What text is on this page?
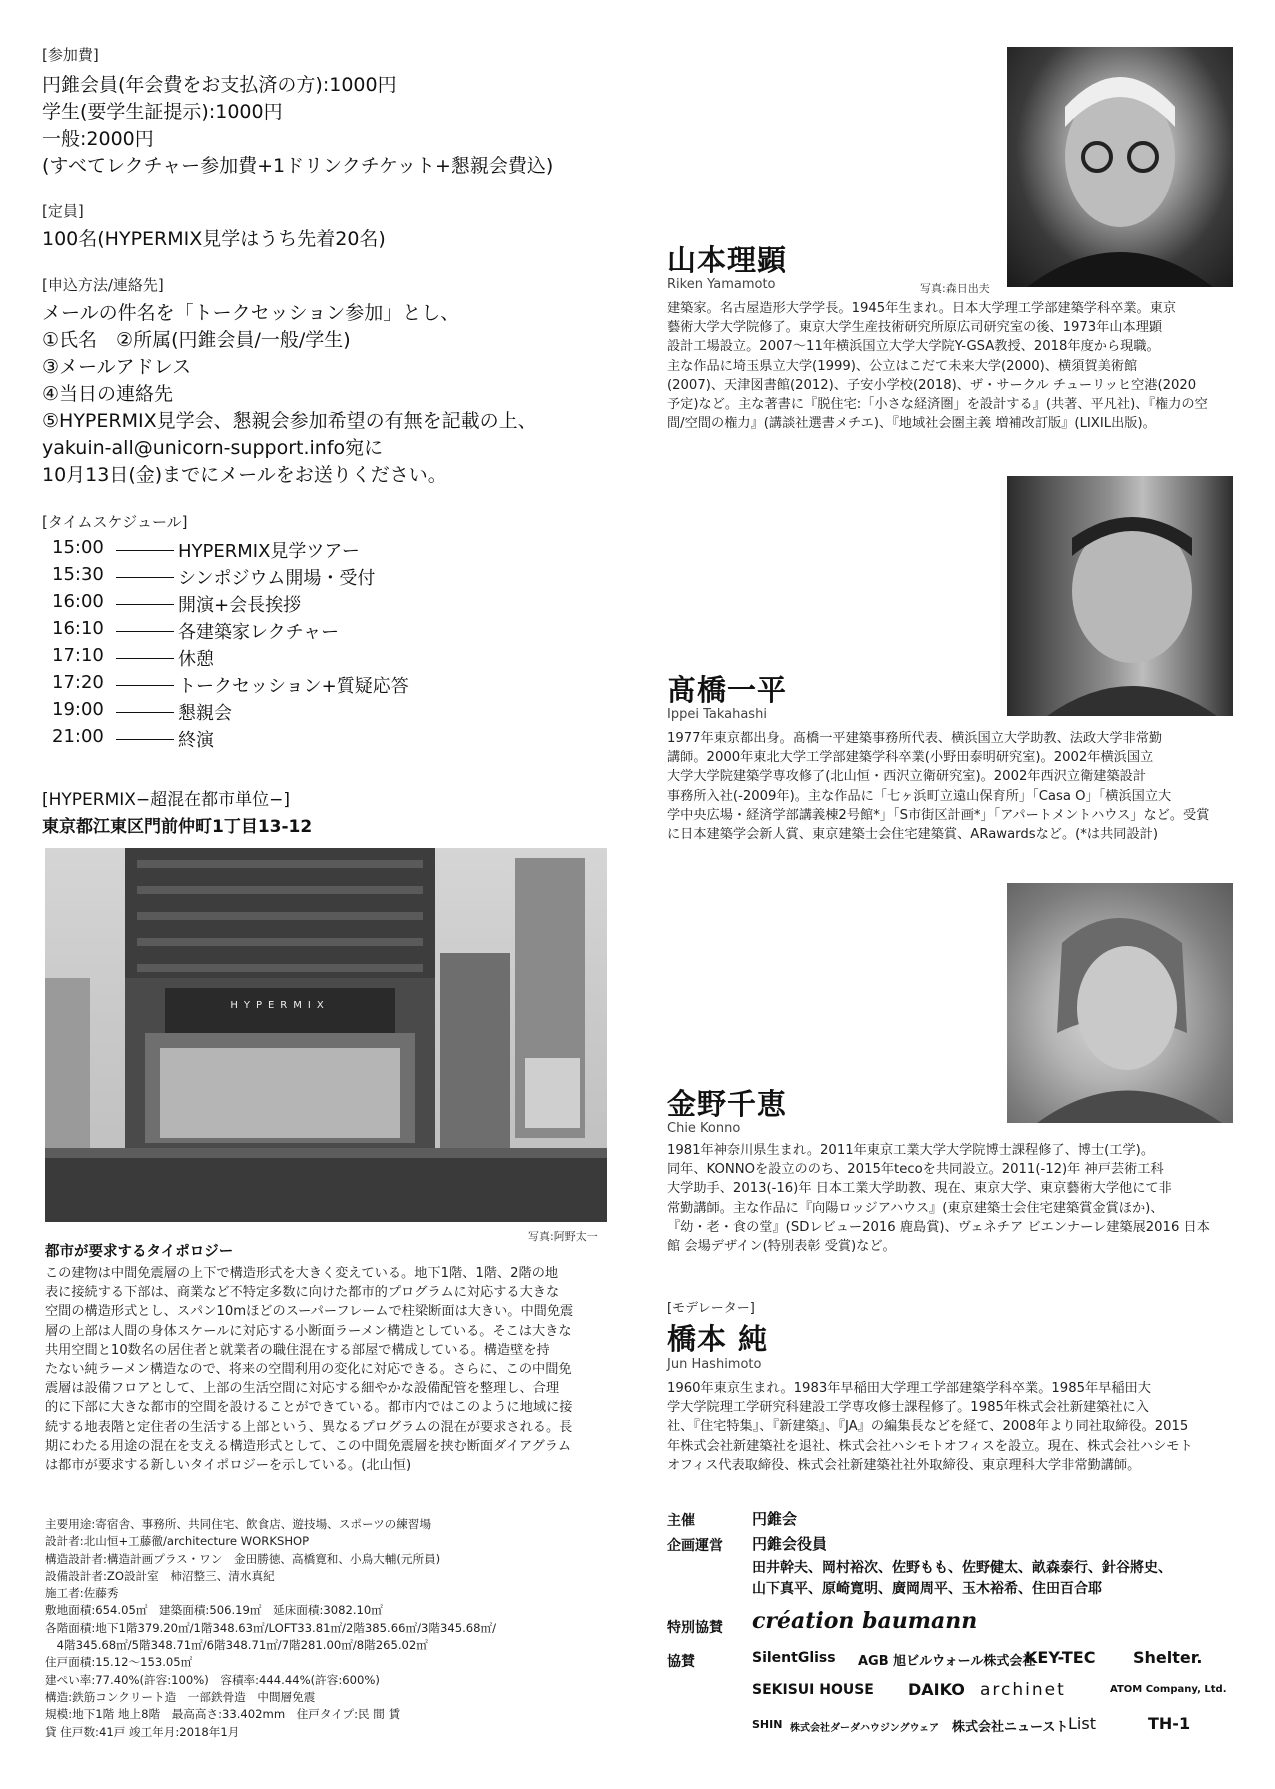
[参加費]
円錐会員(年会費をお支払済の方):1000円
学生(要学生証提示):1000円
一般:2000円
(すべてレクチャー参加費+1ドリンクチケット+懇親会費込)
[定員]
100名(HYPERMIX見学はうち先着20名)
[申込方法/連絡先]
メールの件名を「トークセッション参加」とし、
①氏名　②所属(円錐会員/一般/学生)
③メールアドレス
④当日の連絡先
⑤HYPERMIX見学会、懇親会参加希望の有無を記載の上、
yakuin-all@unicorn-support.info宛に
10月13日(金)までにメールをお送りください。
[タイムスケジュール]
15:00	HYPERMIX見学ツアー
15:30	シンポジウム開場・受付
16:00	開演+会長挨拶
16:10	各建築家レクチャー
17:10	休憩
17:20	トークセッション+質疑応答
19:00	懇親会
21:00	終演
[HYPERMIX−超混在都市単位−]
東京都江東区門前仲町1丁目13-12
HYPERMIX
写真:阿野太一
都市が要求するタイポロジー
この建物は中間免震層の上下で構造形式を大きく変えている。地下1階、1階、2階の地
表に接続する下部は、商業など不特定多数に向けた都市的プログラムに対応する大きな
空間の構造形式とし、スパン10mほどのスーパーフレームで柱梁断面は大きい。中間免震
層の上部は人間の身体スケールに対応する小断面ラーメン構造としている。そこは大きな
共用空間と10数名の居住者と就業者の職住混在する部屋で構成している。構造壁を持
たない純ラーメン構造なので、将来の空間利用の変化に対応できる。さらに、この中間免
震層は設備フロアとして、上部の生活空間に対応する細やかな設備配管を整理し、合理
的に下部に大きな都市的空間を設けることができている。都市内ではこのように地域に接
続する地表階と定住者の生活する上部という、異なるプログラムの混在が要求される。長
期にわたる用途の混在を支える構造形式として、この中間免震層を挟む断面ダイアグラム
は都市が要求する新しいタイポロジーを示している。(北山恒)
主要用途:寄宿舎、事務所、共同住宅、飲食店、遊技場、スポーツの練習場
設計者:北山恒+工藤徹/architecture WORKSHOP
構造設計者:構造計画プラス・ワン　金田勝徳、高橋寛和、小鳥大輔(元所員)
設備設計者:ZO設計室　柿沼整三、清水真紀
施工者:佐藤秀
敷地面積:654.05㎡　建築面積:506.19㎡　延床面積:3082.10㎡
各階面積:地下1階379.20㎡/1階348.63㎡/LOFT33.81㎡/2階385.66㎡/3階345.68㎡/
　4階345.68㎡/5階348.71㎡/6階348.71㎡/7階281.00㎡/8階265.02㎡
住戸面積:15.12〜153.05㎡
建ぺい率:77.40%(許容:100%)　容積率:444.44%(許容:600%)
構造:鉄筋コンクリート造　一部鉄骨造　中間層免震
規模:地下1階 地上8階　最高高さ:33.402mm　住戸タイプ:民 間 賃
貸 住戸数:41戸 竣工年月:2018年1月
山本理顕
Riken Yamamoto	写真:森日出夫
建築家。名古屋造形大学学長。1945年生まれ。日本大学理工学部建築学科卒業。東京
藝術大学大学院修了。東京大学生産技術研究所原広司研究室の後、1973年山本理顕
設計工場設立。2007〜11年横浜国立大学大学院Y-GSA教授、2018年度から現職。
主な作品に埼玉県立大学(1999)、公立はこだて未来大学(2000)、横須賀美術館
(2007)、天津図書館(2012)、子安小学校(2018)、ザ・サークル チューリッヒ空港(2020
予定)など。主な著書に『脱住宅:「小さな経済圏」を設計する』(共著、平凡社)、『権力の空
間/空間の権力』(講談社選書メチエ)、『地域社会圏主義 増補改訂版』(LIXIL出版)。
髙橋一平
Ippei Takahashi
1977年東京都出身。髙橋一平建築事務所代表、横浜国立大学助教、法政大学非常勤
講師。2000年東北大学工学部建築学科卒業(小野田泰明研究室)。2002年横浜国立
大学大学院建築学専攻修了(北山恒・西沢立衛研究室)。2002年西沢立衛建築設計
事務所入社(-2009年)。主な作品に「七ヶ浜町立遠山保育所」「Casa O」「横浜国立大
学中央広場・経済学部講義棟2号館*」「S市街区計画*」「アパートメントハウス」など。受賞
に日本建築学会新人賞、東京建築士会住宅建築賞、ARawardsなど。(*は共同設計)
金野千恵
Chie Konno
1981年神奈川県生まれ。2011年東京工業大学大学院博士課程修了、博士(工学)。
同年、KONNOを設立ののち、2015年tecoを共同設立。2011(-12)年 神戸芸術工科
大学助手、2013(-16)年 日本工業大学助教、現在、東京大学、東京藝術大学他にて非
常勤講師。主な作品に『向陽ロッジアハウス』(東京建築士会住宅建築賞金賞ほか)、
『幼・老・食の堂』(SDレビュー2016 鹿島賞)、ヴェネチア ビエンナーレ建築展2016 日本
館 会場デザイン(特別表彰 受賞)など。
[モデレーター]
橋本 純
Jun Hashimoto
1960年東京生まれ。1983年早稲田大学理工学部建築学科卒業。1985年早稲田大
学大学院理工学研究科建設工学専攻修士課程修了。1985年株式会社新建築社に入
社、『住宅特集』、『新建築』、『JA』の編集長などを経て、2008年より同社取締役。2015
年株式会社新建築社を退社、株式会社ハシモトオフィスを設立。現在、株式会社ハシモト
オフィス代表取締役、株式会社新建築社社外取締役、東京理科大学非常勤講師。
主催	円錐会
企画運営 円錐会役員
田井幹夫、岡村裕次、佐野もも、佐野健太、畝森泰行、針谷將史、
山下真平、原崎寛明、廣岡周平、玉木裕希、住田百合耶
特別協賛 création baumann
協賛	SilentGliss AGB 旭ビルウォール株式会社
KEY-TEC Shelter.
SEKISUI HOUSE DAIKO archinet	ATOM Company, Ltd.
SHIN 株式会社ダーダハウジングウェア 株式会社ニュースト List	TH-1
